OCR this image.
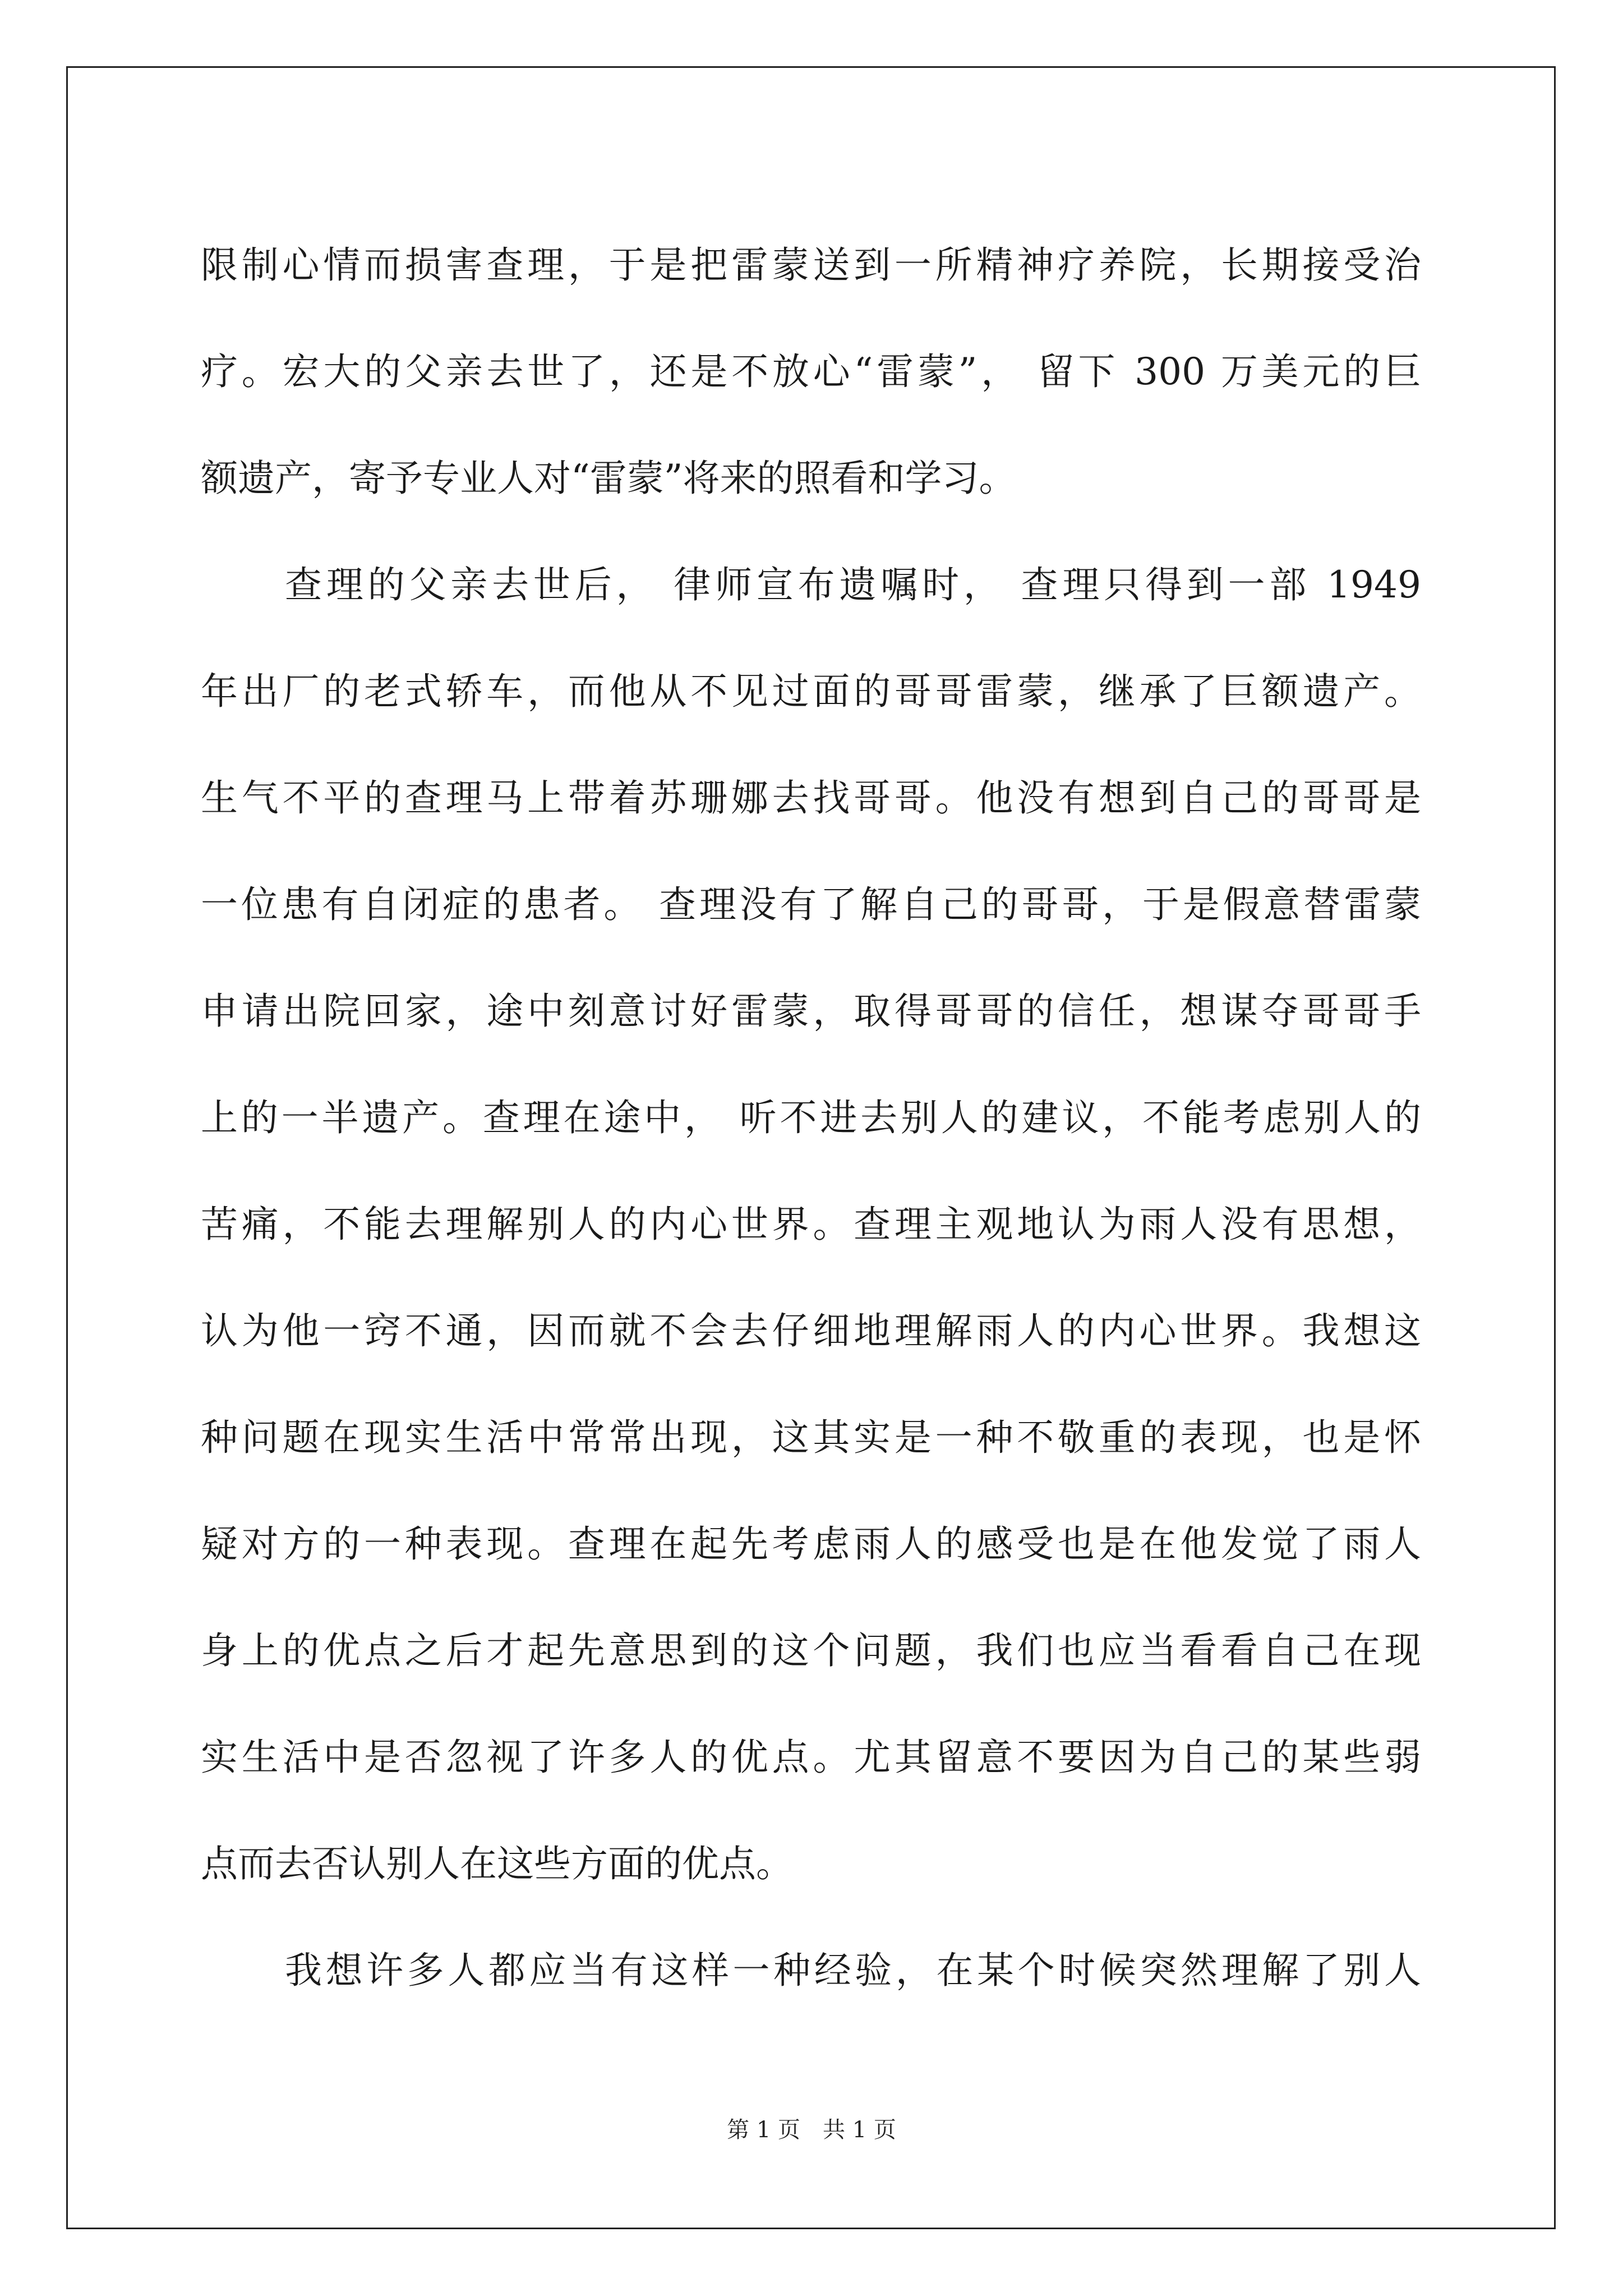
限制心情而损害查理，于是把雷蒙送到一所精神疗养院，长期接受治
疗。宏大的父亲去世了，还是不放心“雷蒙”， 留下 300 万美元的巨
额遗产，寄予专业人对“雷蒙”将来的照看和学习。
查理的父亲去世后， 律师宣布遗嘱时， 查理只得到一部 1949
年出厂的老式轿车，而他从不见过面的哥哥雷蒙，继承了巨额遗产。
生气不平的查理马上带着苏珊娜去找哥哥。他没有想到自己的哥哥是
一位患有自闭症的患者。 查理没有了解自己的哥哥，于是假意替雷蒙
申请出院回家，途中刻意讨好雷蒙，取得哥哥的信任，想谋夺哥哥手
上的一半遗产。查理在途中， 听不进去别人的建议，不能考虑别人的
苦痛，不能去理解别人的内心世界。查理主观地认为雨人没有思想，
认为他一窍不通，因而就不会去仔细地理解雨人的内心世界。我想这
种问题在现实生活中常常出现，这其实是一种不敬重的表现，也是怀
疑对方的一种表现。查理在起先考虑雨人的感受也是在他发觉了雨人
身上的优点之后才起先意思到的这个问题，我们也应当看看自己在现
实生活中是否忽视了许多人的优点。尤其留意不要因为自己的某些弱
点而去否认别人在这些方面的优点。
我想许多人都应当有这样一种经验，在某个时候突然理解了别人
第 1 页　共 1 页
